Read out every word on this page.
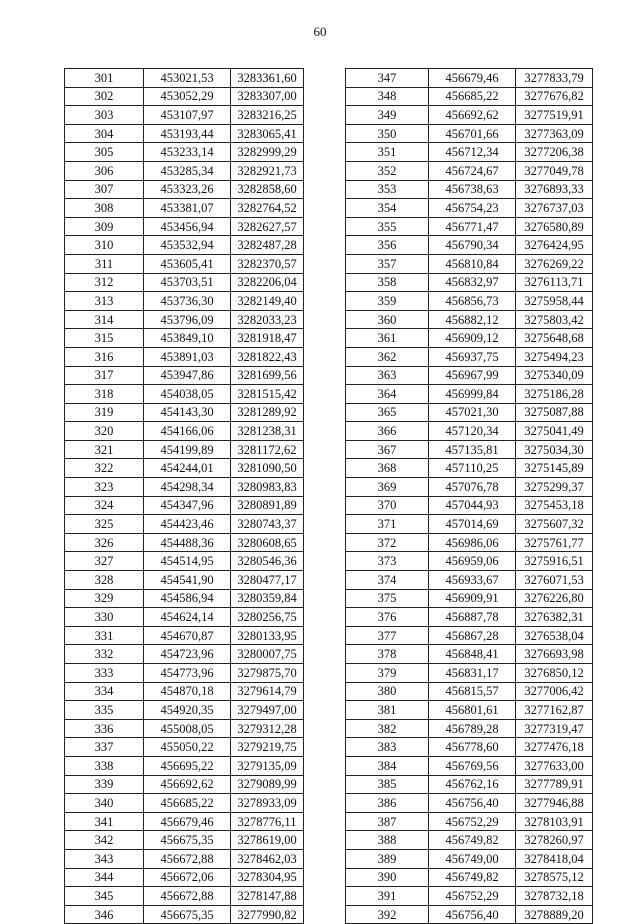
60
301	453021,53	3283361,60
302	453052,29	3283307,00
303	453107,97	3283216,25
304	453193,44	3283065,41
305	453233,14	3282999,29
306	453285,34	3282921,73
307	453323,26	3282858,60
308	453381,07	3282764,52
309	453456,94	3282627,57
310	453532,94	3282487,28
311	453605,41	3282370,57
312	453703,51	3282206,04
313	453736,30	3282149,40
314	453796,09	3282033,23
315	453849,10	3281918,47
316	453891,03	3281822,43
317	453947,86	3281699,56
318	454038,05	3281515,42
319	454143,30	3281289,92
320	454166,06	3281238,31
321	454199,89	3281172,62
322	454244,01	3281090,50
323	454298,34	3280983,83
324	454347,96	3280891,89
325	454423,46	3280743,37
326	454488,36	3280608,65
327	454514,95	3280546,36
328	454541,90	3280477,17
329	454586,94	3280359,84
330	454624,14	3280256,75
331	454670,87	3280133,95
332	454723,96	3280007,75
333	454773,96	3279875,70
334	454870,18	3279614,79
335	454920,35	3279497,00
336	455008,05	3279312,28
337	455050,22	3279219,75
338	456695,22	3279135,09
339	456692,62	3279089,99
340	456685,22	3278933,09
341	456679,46	3278776,11
342	456675,35	3278619,00
343	456672,88	3278462,03
344	456672,06	3278304,95
345	456672,88	3278147,88
346	456675,35	3277990,82
347	456679,46	3277833,79
348	456685,22	3277676,82
349	456692,62	3277519,91
350	456701,66	3277363,09
351	456712,34	3277206,38
352	456724,67	3277049,78
353	456738,63	3276893,33
354	456754,23	3276737,03
355	456771,47	3276580,89
356	456790,34	3276424,95
357	456810,84	3276269,22
358	456832,97	3276113,71
359	456856,73	3275958,44
360	456882,12	3275803,42
361	456909,12	3275648,68
362	456937,75	3275494,23
363	456967,99	3275340,09
364	456999,84	3275186,28
365	457021,30	3275087,88
366	457120,34	3275041,49
367	457135,81	3275034,30
368	457110,25	3275145,89
369	457076,78	3275299,37
370	457044,93	3275453,18
371	457014,69	3275607,32
372	456986,06	3275761,77
373	456959,06	3275916,51
374	456933,67	3276071,53
375	456909,91	3276226,80
376	456887,78	3276382,31
377	456867,28	3276538,04
378	456848,41	3276693,98
379	456831,17	3276850,12
380	456815,57	3277006,42
381	456801,61	3277162,87
382	456789,28	3277319,47
383	456778,60	3277476,18
384	456769,56	3277633,00
385	456762,16	3277789,91
386	456756,40	3277946,88
387	456752,29	3278103,91
388	456749,82	3278260,97
389	456749,00	3278418,04
390	456749,82	3278575,12
391	456752,29	3278732,18
392	456756,40	3278889,20
